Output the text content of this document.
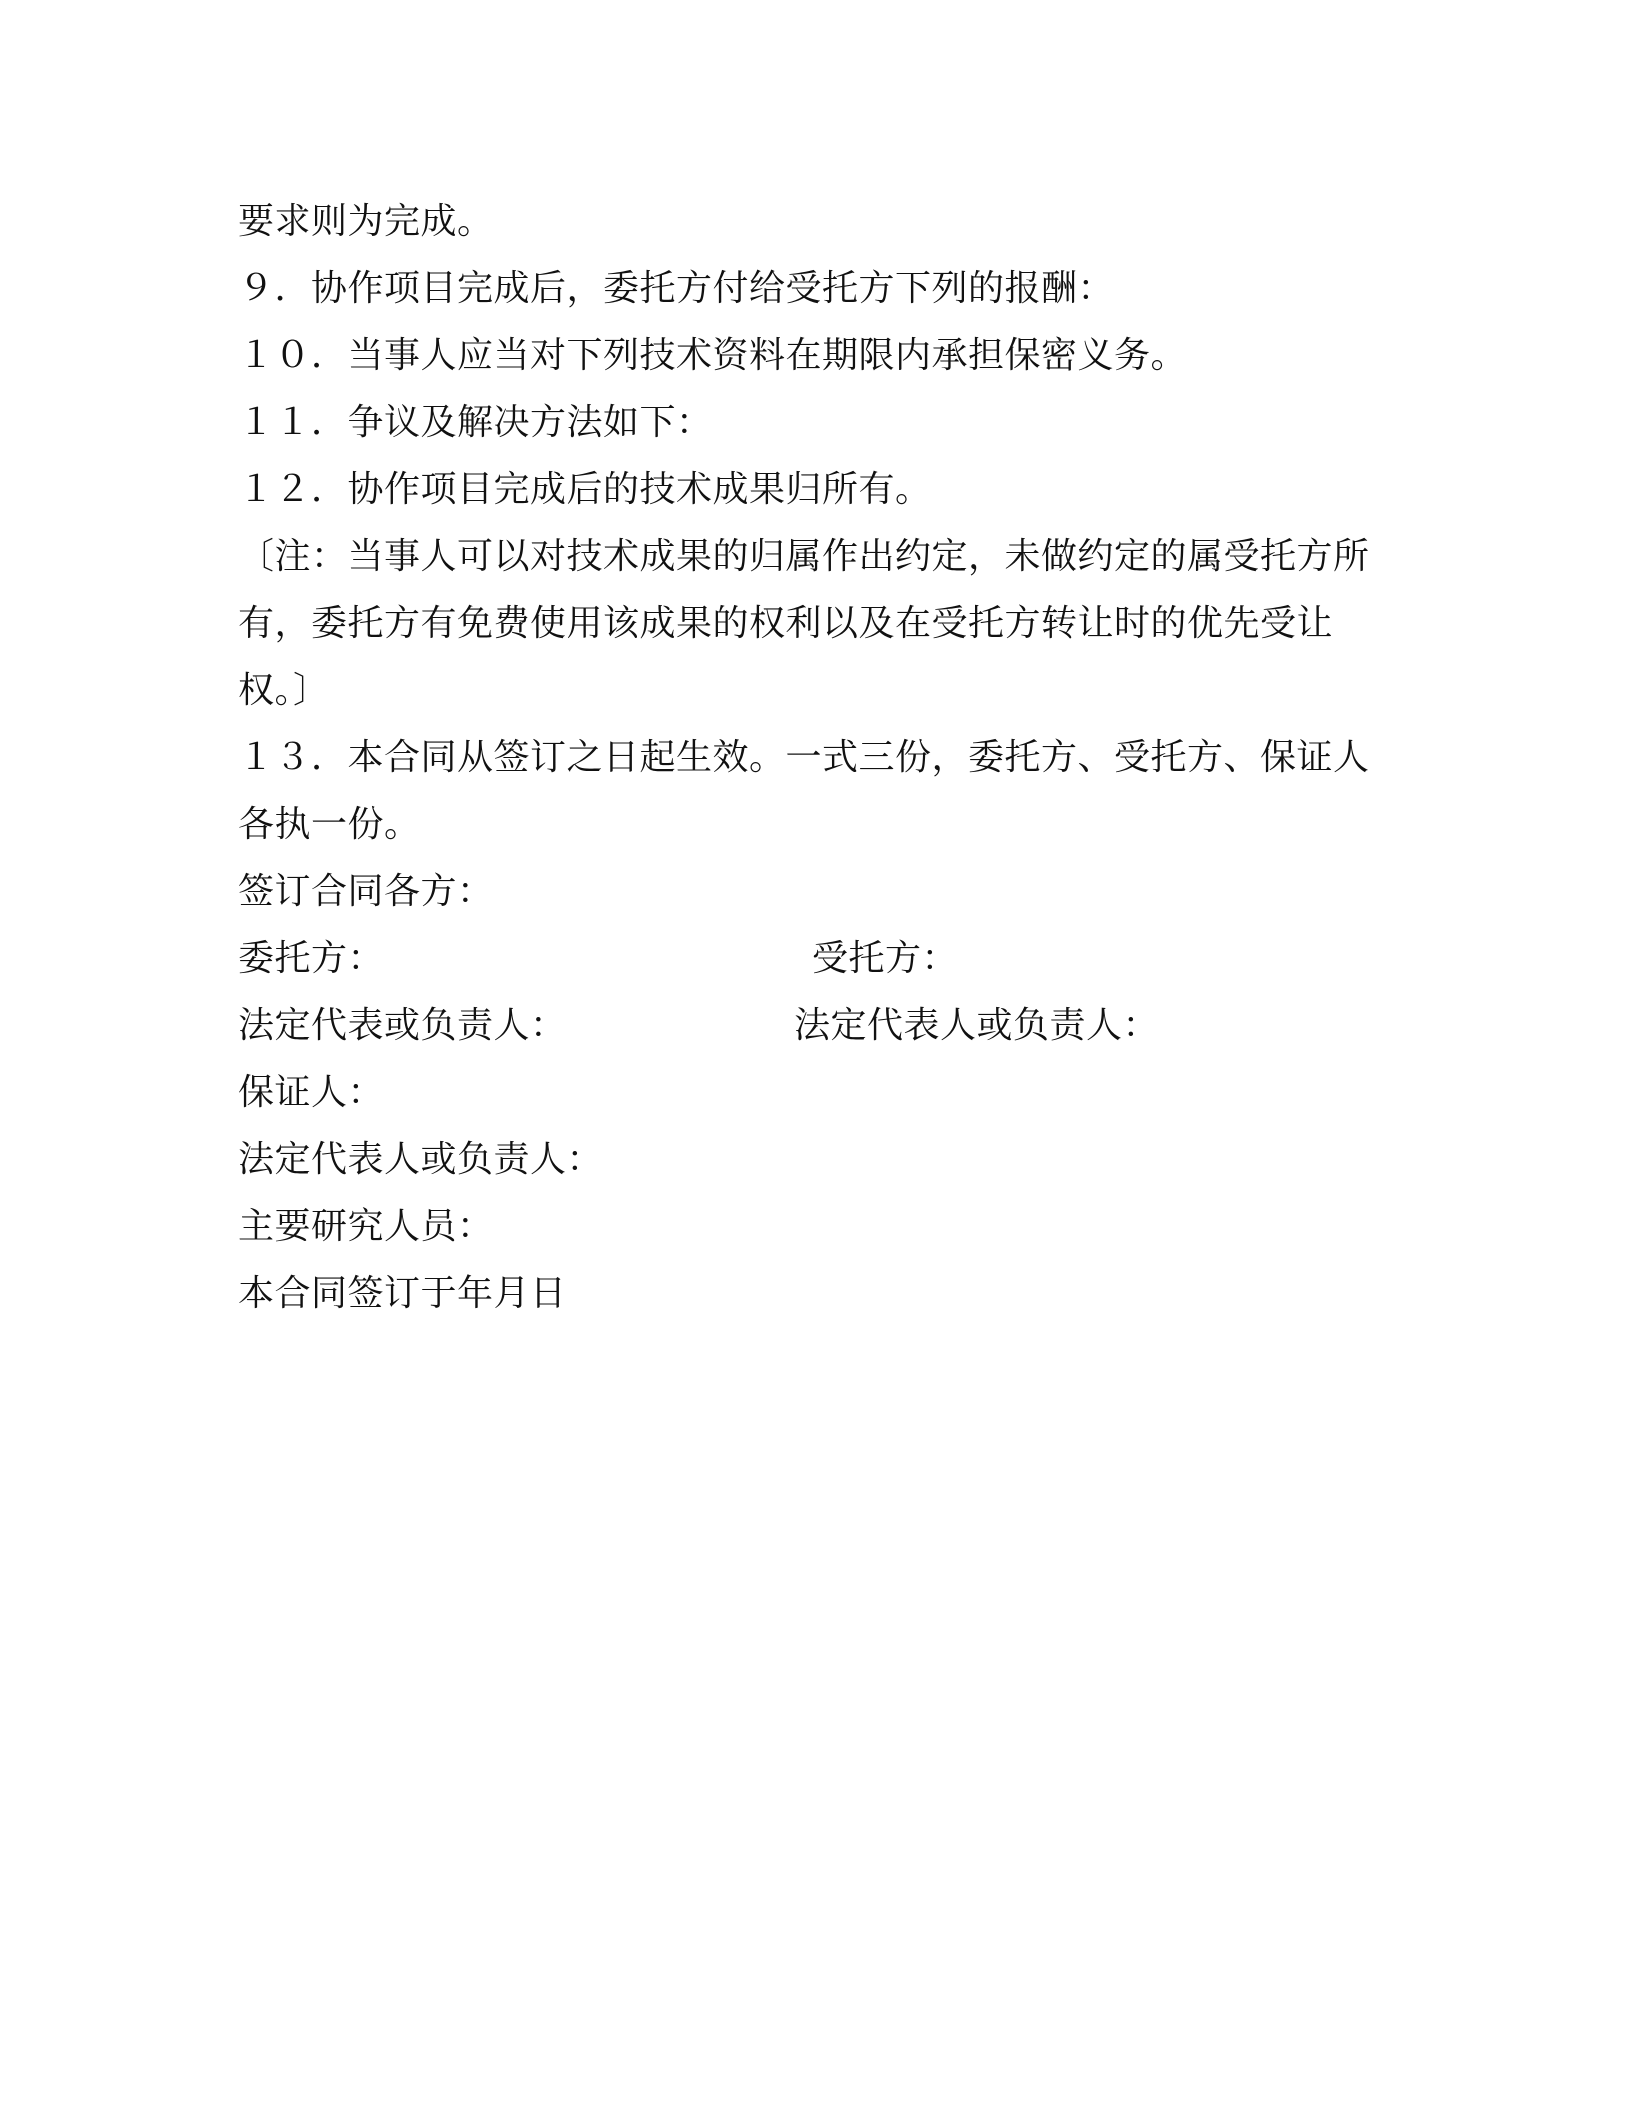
要求则为完成。
９．协作项目完成后，委托方付给受托方下列的报酬：
１０．当事人应当对下列技术资料在期限内承担保密义务。
１１．争议及解决方法如下：
１２．协作项目完成后的技术成果归所有。
〔注：当事人可以对技术成果的归属作出约定，未做约定的属受托方所有，委托方有免费使用该成果的权利以及在受托方转让时的优先受让权。〕
１３．本合同从签订之日起生效。一式三份，委托方、受托方、保证人各执一份。
签订合同各方：
委托方：	受托方：
法定代表或负责人：	法定代表人或负责人：
保证人：
法定代表人或负责人：
主要研究人员：
本合同签订于年月日
